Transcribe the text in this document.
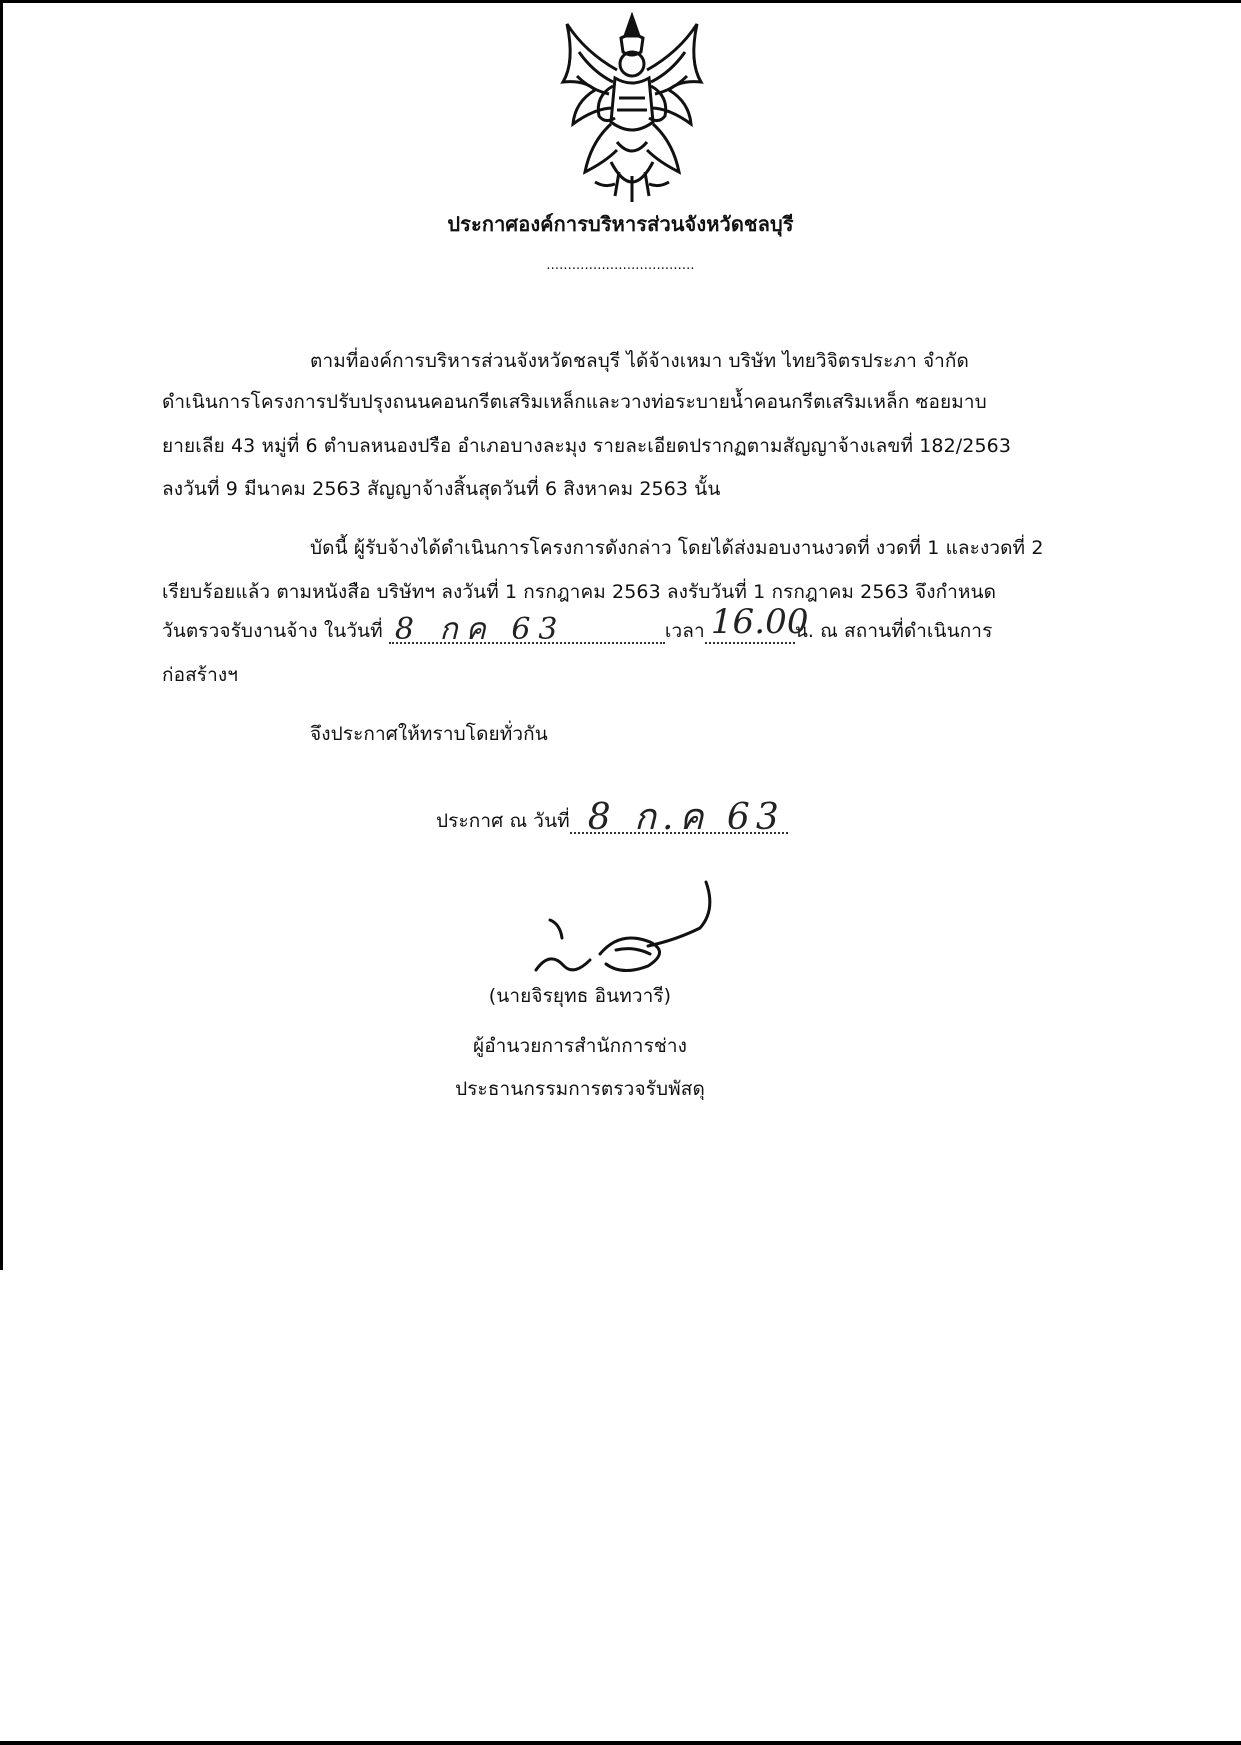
ประกาศองค์การบริหารส่วนจังหวัดชลบุรี
...................................
ตามที่องค์การบริหารส่วนจังหวัดชลบุรี ได้จ้างเหมา บริษัท ไทยวิจิตรประภา จำกัด
ดำเนินการโครงการปรับปรุงถนนคอนกรีตเสริมเหล็กและวางท่อระบายน้ำคอนกรีตเสริมเหล็ก ซอยมาบ
ยายเลีย 43 หมู่ที่ 6 ตำบลหนองปรือ อำเภอบางละมุง รายละเอียดปรากฏตามสัญญาจ้างเลขที่ 182/2563
ลงวันที่ 9 มีนาคม 2563 สัญญาจ้างสิ้นสุดวันที่ 6 สิงหาคม 2563 นั้น
บัดนี้ ผู้รับจ้างได้ดำเนินการโครงการดังกล่าว โดยได้ส่งมอบงานงวดที่ งวดที่ 1 และงวดที่ 2
เรียบร้อยแล้ว ตามหนังสือ บริษัทฯ ลงวันที่ 1 กรกฎาคม 2563 ลงรับวันที่ 1 กรกฎาคม 2563 จึงกำหนด
วันตรวจรับงานจ้าง ในวันที่ 8 กค 63	เวลา 16.00
น. ณ สถานที่ดำเนินการ
ก่อสร้างฯ
จึงประกาศให้ทราบโดยทั่วกัน
ประกาศ ณ วันที่ 8 ก.ค 63
(นายจิรยุทธ อินทวารี)
ผู้อำนวยการสำนักการช่าง
ประธานกรรมการตรวจรับพัสดุ
